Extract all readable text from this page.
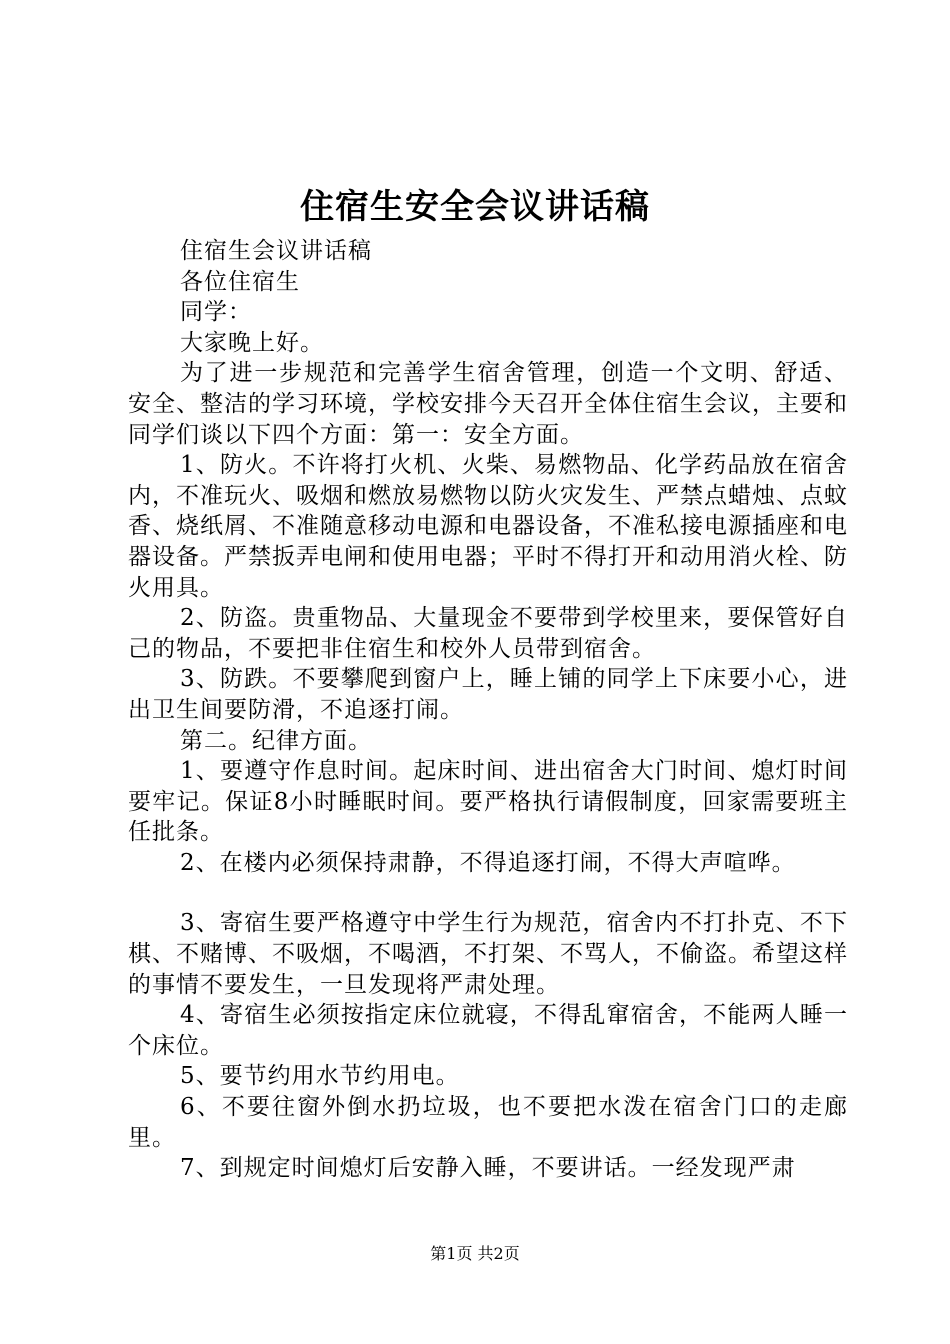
住宿生安全会议讲话稿

住宿生会议讲话稿

各位住宿生

同学：

大家晚上好。

为了进一步规范和完善学生宿舍管理，创造一个文明、舒适、安全、整洁的学习环境，学校安排今天召开全体住宿生会议，主要和同学们谈以下四个方面：第一：安全方面。

1、防火。不许将打火机、火柴、易燃物品、化学药品放在宿舍内，不准玩火、吸烟和燃放易燃物以防火灾发生、严禁点蜡烛、点蚊香、烧纸屑、不准随意移动电源和电器设备，不准私接电源插座和电器设备。严禁扳弄电闸和使用电器；平时不得打开和动用消火栓、防火用具。

2、防盗。贵重物品、大量现金不要带到学校里来，要保管好自己的物品，不要把非住宿生和校外人员带到宿舍。

3、防跌。不要攀爬到窗户上，睡上铺的同学上下床要小心，进出卫生间要防滑，不追逐打闹。

第二。纪律方面。

1、要遵守作息时间。起床时间、进出宿舍大门时间、熄灯时间要牢记。保证8小时睡眠时间。要严格执行请假制度，回家需要班主任批条。

2、在楼内必须保持肃静，不得追逐打闹，不得大声喧哗。

3、寄宿生要严格遵守中学生行为规范，宿舍内不打扑克、不下棋、不赌博、不吸烟，不喝酒，不打架、不骂人，不偷盗。希望这样的事情不要发生，一旦发现将严肃处理。

4、寄宿生必须按指定床位就寝，不得乱窜宿舍，不能两人睡一个床位。

5、要节约用水节约用电。

6、不要往窗外倒水扔垃圾，也不要把水泼在宿舍门口的走廊里。

7、到规定时间熄灯后安静入睡，不要讲话。一经发现严肃

第1页 共2页
